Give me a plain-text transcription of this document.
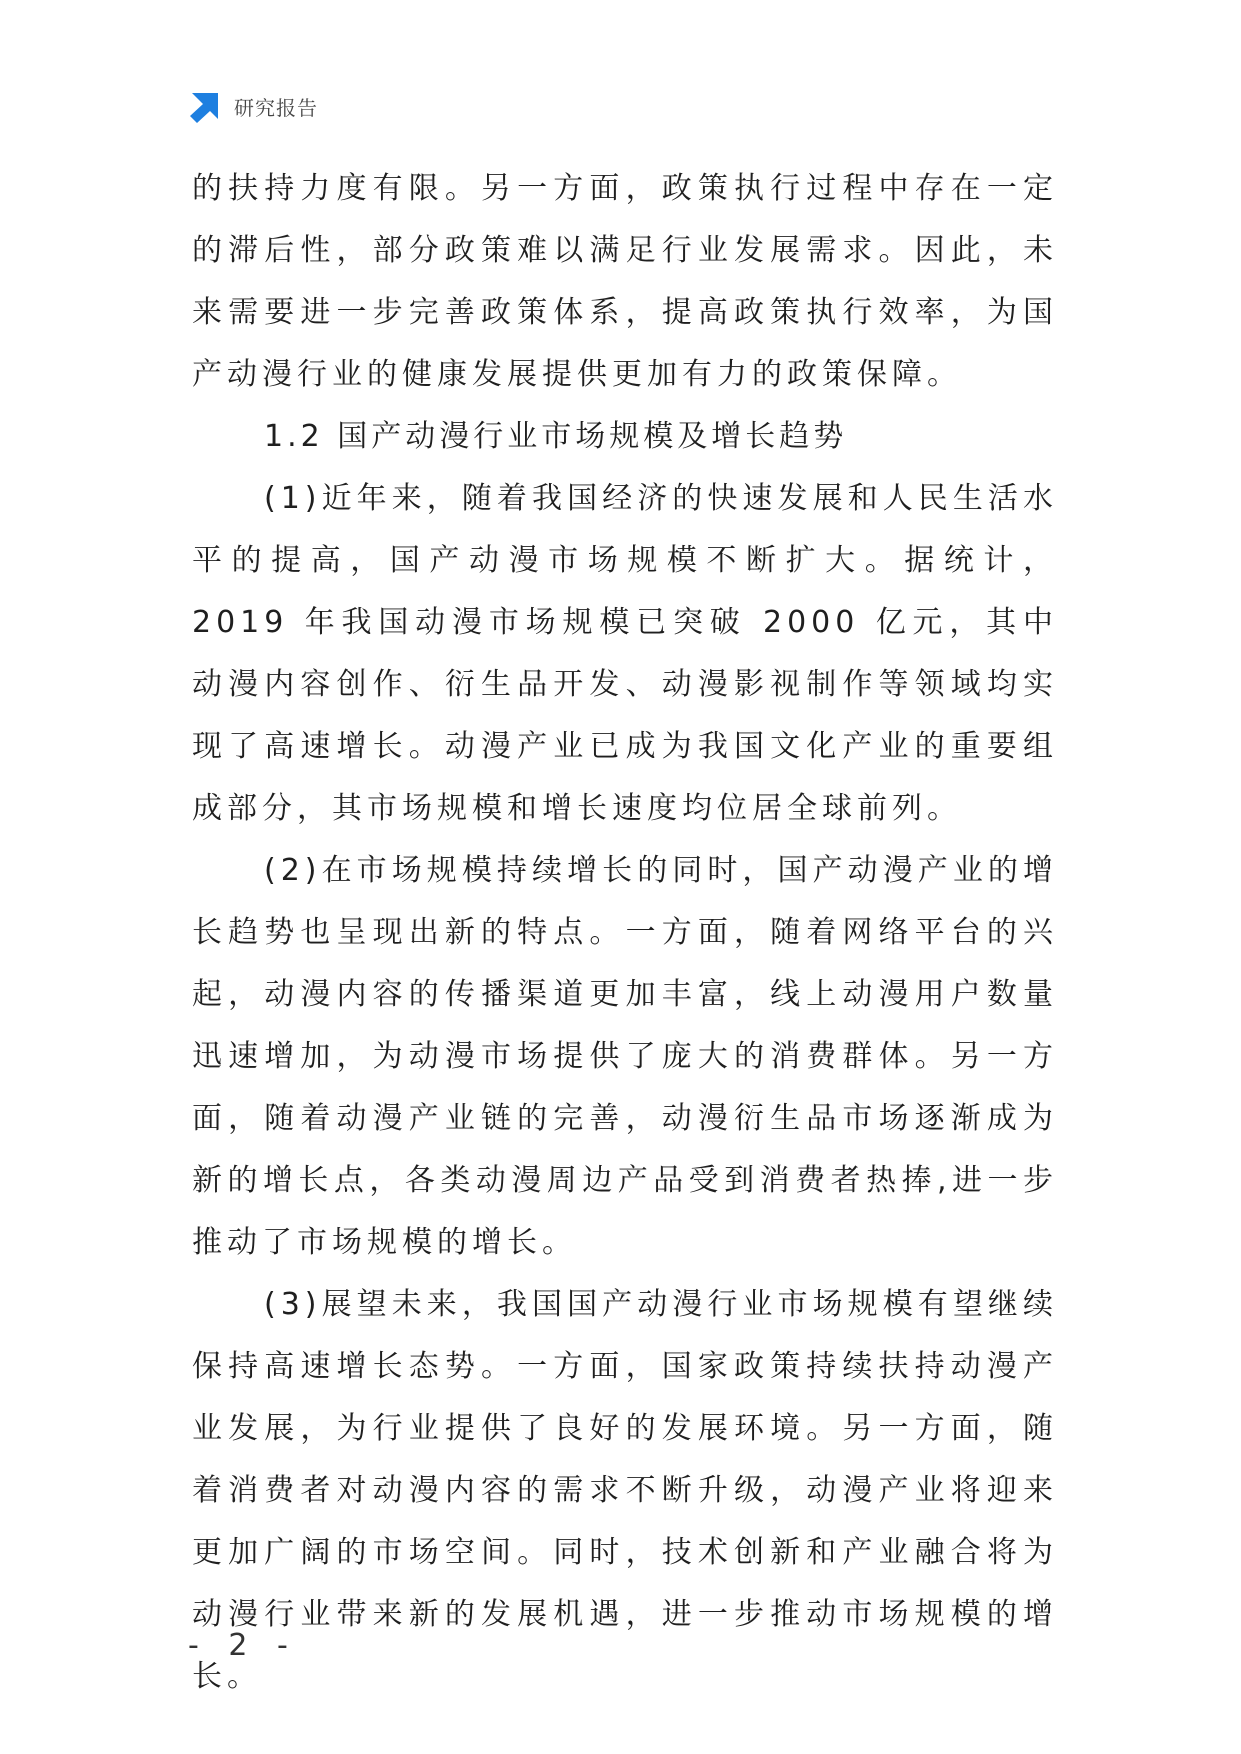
研究报告

的扶持力度有限。另一方面，政策执行过程中存在一定的滞后性，部分政策难以满足行业发展需求。因此，未来需要进一步完善政策体系，提高政策执行效率，为国产动漫行业的健康发展提供更加有力的政策保障。

1.2 国产动漫行业市场规模及增长趋势

(1)近年来，随着我国经济的快速发展和人民生活水平的提高，国产动漫市场规模不断扩大。据统计，2019 年我国动漫市场规模已突破 2000 亿元，其中动漫内容创作、衍生品开发、动漫影视制作等领域均实现了高速增长。动漫产业已成为我国文化产业的重要组成部分，其市场规模和增长速度均位居全球前列。

(2)在市场规模持续增长的同时，国产动漫产业的增长趋势也呈现出新的特点。一方面，随着网络平台的兴起，动漫内容的传播渠道更加丰富，线上动漫用户数量迅速增加，为动漫市场提供了庞大的消费群体。另一方面，随着动漫产业链的完善，动漫衍生品市场逐渐成为新的增长点，各类动漫周边产品受到消费者热捧,进一步推动了市场规模的增长。

(3)展望未来，我国国产动漫行业市场规模有望继续保持高速增长态势。一方面，国家政策持续扶持动漫产业发展，为行业提供了良好的发展环境。另一方面，随着消费者对动漫内容的需求不断升级，动漫产业将迎来更加广阔的市场空间。同时，技术创新和产业融合将为动漫行业带来新的发展机遇，进一步推动市场规模的增长。

- 2 -
